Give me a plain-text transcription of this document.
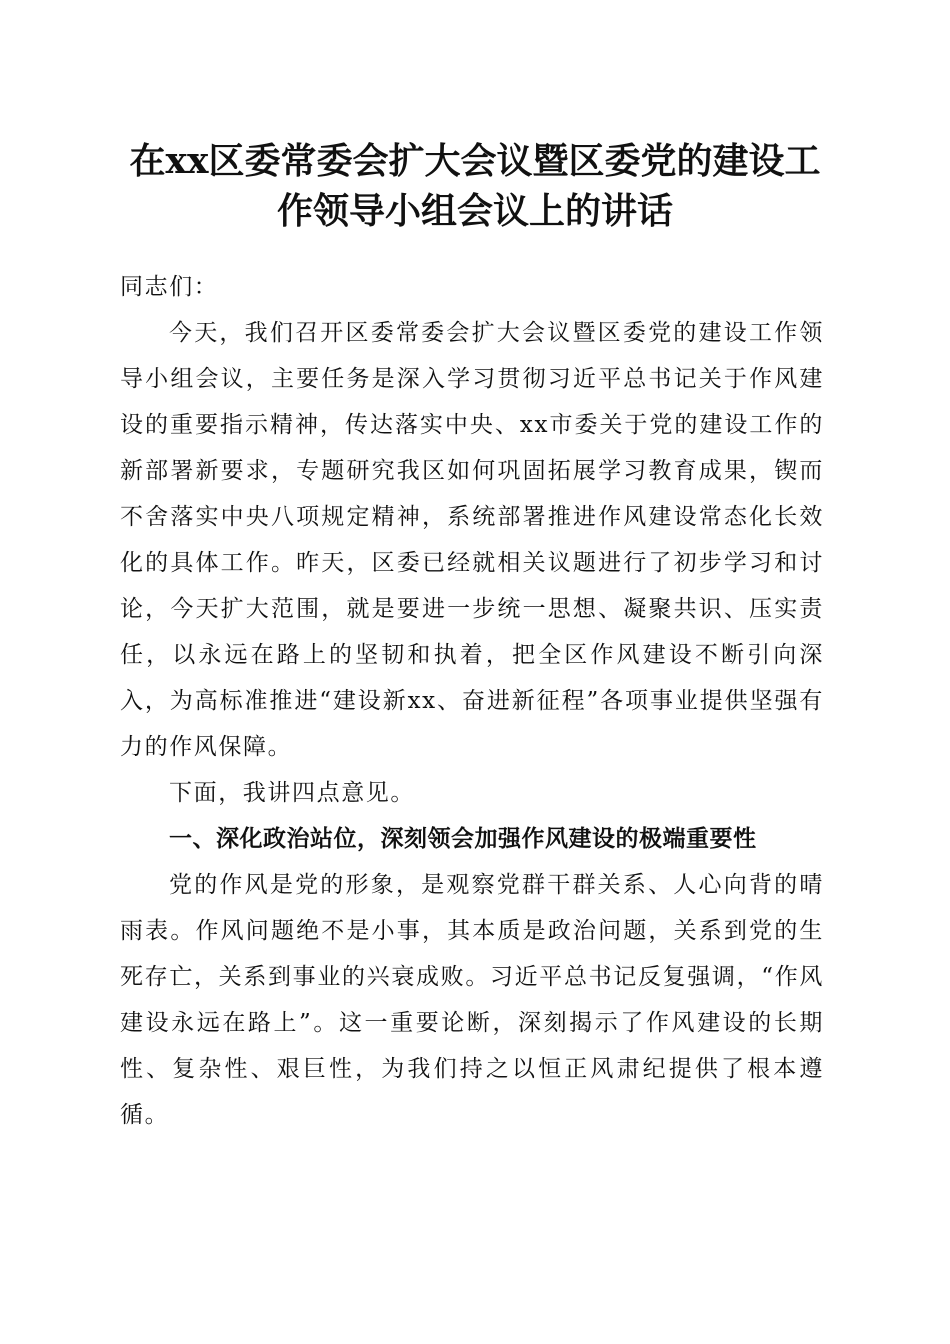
在xx区委常委会扩大会议暨区委党的建设工
作领导小组会议上的讲话

同志们：

今天，我们召开区委常委会扩大会议暨区委党的建设工作领导小组会议，主要任务是深入学习贯彻习近平总书记关于作风建设的重要指示精神，传达落实中央、xx市委关于党的建设工作的新部署新要求，专题研究我区如何巩固拓展学习教育成果，锲而不舍落实中央八项规定精神，系统部署推进作风建设常态化长效化的具体工作。昨天，区委已经就相关议题进行了初步学习和讨论，今天扩大范围，就是要进一步统一思想、凝聚共识、压实责任，以永远在路上的坚韧和执着，把全区作风建设不断引向深入，为高标准推进“建设新xx、奋进新征程”各项事业提供坚强有力的作风保障。

下面，我讲四点意见。

一、深化政治站位，深刻领会加强作风建设的极端重要性

党的作风是党的形象，是观察党群干群关系、人心向背的晴雨表。作风问题绝不是小事，其本质是政治问题，关系到党的生死存亡，关系到事业的兴衰成败。习近平总书记反复强调，“作风建设永远在路上”。这一重要论断，深刻揭示了作风建设的长期性、复杂性、艰巨性，为我们持之以恒正风肃纪提供了根本遵循。
